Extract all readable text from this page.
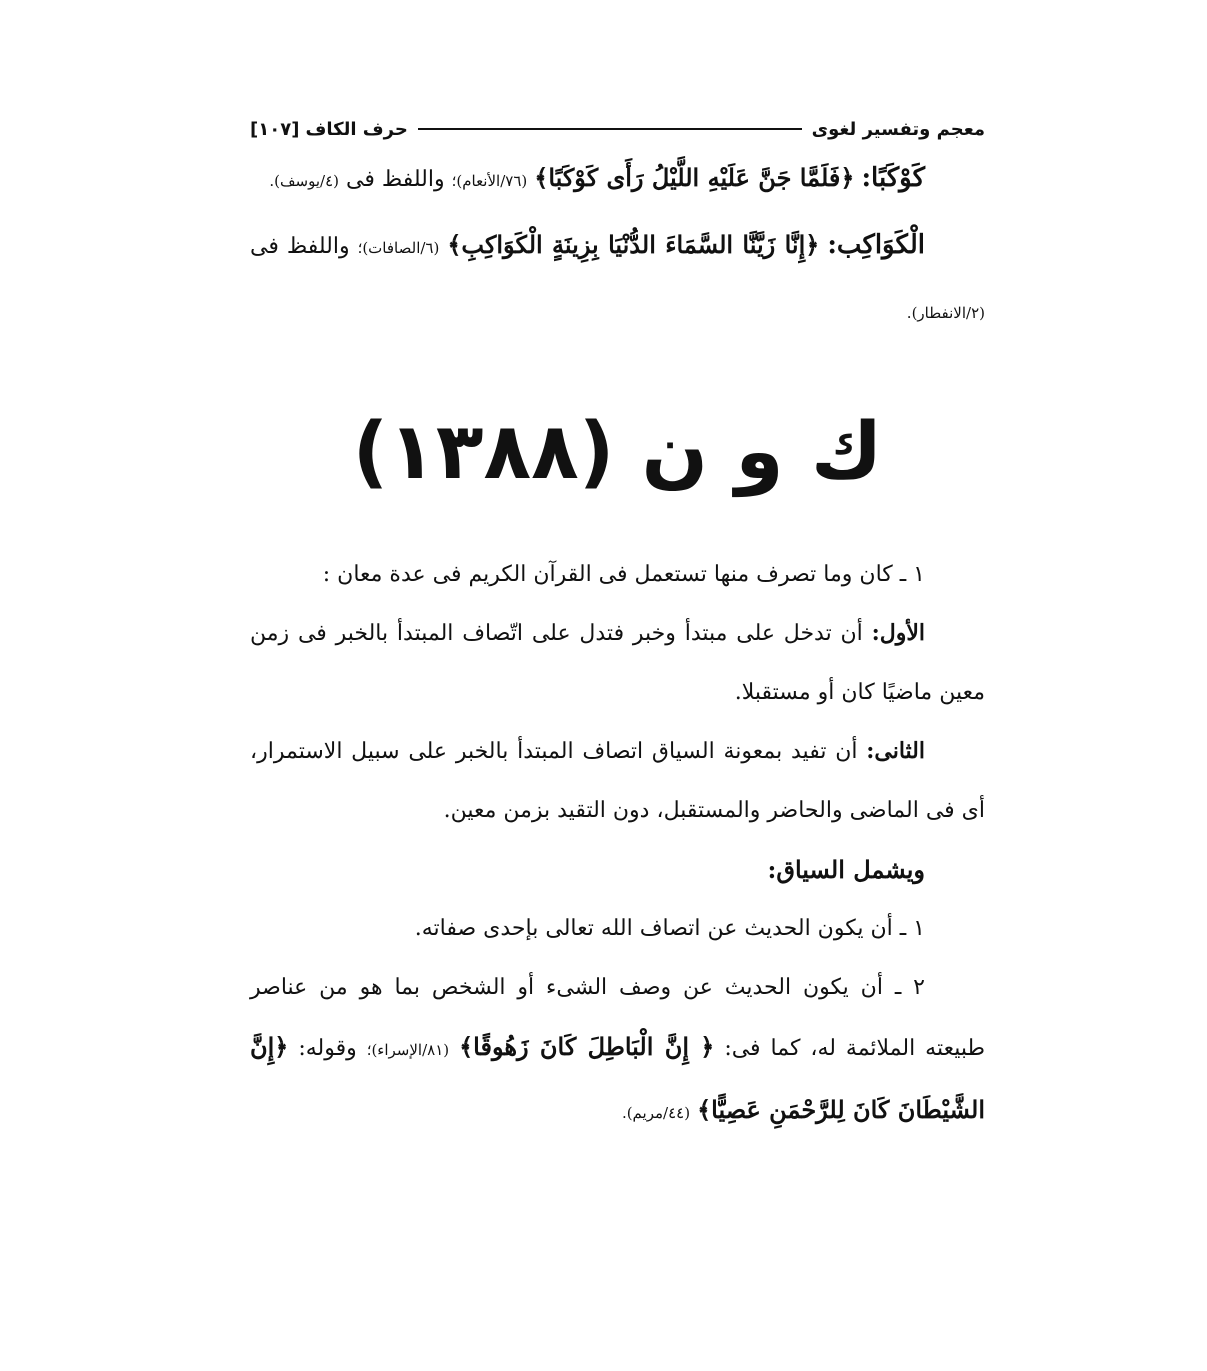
معجم وتفسير لغوى
حرف الكاف
[١٠٧]

كَوْكَبًا: ﴿فَلَمَّا جَنَّ عَلَيْهِ اللَّيْلُ رَأَى كَوْكَبًا﴾ (٧٦/الأنعام)؛ واللفظ فى (٤/يوسف).

الْكَوَاكِب: ﴿إِنَّا زَيَّنَّا السَّمَاءَ الدُّنْيَا بِزِينَةٍ الْكَوَاكِبِ﴾ (٦/الصافات)؛ واللفظ فى (٢/الانفطار).

ك و ن (١٣٨٨)

١ ـ كان وما تصرف منها تستعمل فى القرآن الكريم فى عدة معان :

الأول: أن تدخل على مبتدأ وخبر فتدل على اتّصاف المبتدأ بالخبر فى زمن معين ماضيًا كان أو مستقبلا.

الثانى: أن تفيد بمعونة السياق اتصاف المبتدأ بالخبر على سبيل الاستمرار، أى فى الماضى والحاضر والمستقبل، دون التقيد بزمن معين.

ويشمل السياق:

١ ـ أن يكون الحديث عن اتصاف الله تعالى بإحدى صفاته.

٢ ـ أن يكون الحديث عن وصف الشىء أو الشخص بما هو من عناصر طبيعته الملائمة له، كما فى: ﴿ إِنَّ الْبَاطِلَ كَانَ زَهُوقًا﴾ (٨١/الإسراء)؛ وقوله: ﴿إِنَّ الشَّيْطَانَ كَانَ لِلرَّحْمَنِ عَصِيًّا﴾ (٤٤/مريم).
